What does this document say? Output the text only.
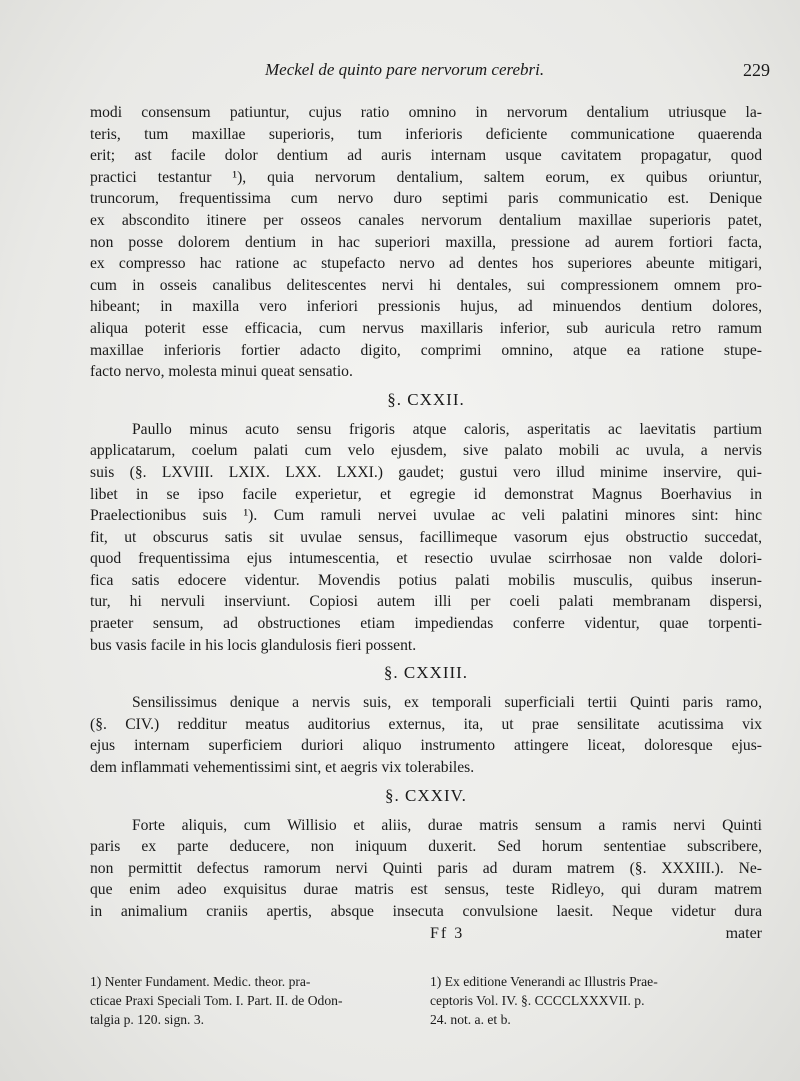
Meckel de quinto pare nervorum cerebri.	229
modi consensum patiuntur, cujus ratio omnino in nervorum dentalium utriusque la-
teris, tum maxillae superioris, tum inferioris deficiente communicatione quaerenda
erit; ast facile dolor dentium ad auris internam usque cavitatem propagatur, quod
practici testantur ¹), quia nervorum dentalium, saltem eorum, ex quibus oriuntur,
truncorum, frequentissima cum nervo duro septimi paris communicatio est. Denique
ex abscondito itinere per osseos canales nervorum dentalium maxillae superioris patet,
non posse dolorem dentium in hac superiori maxilla, pressione ad aurem fortiori facta,
ex compresso hac ratione ac stupefacto nervo ad dentes hos superiores abeunte mitigari,
cum in osseis canalibus delitescentes nervi hi dentales, sui compressionem omnem pro-
hibeant; in maxilla vero inferiori pressionis hujus, ad minuendos dentium dolores,
aliqua poterit esse efficacia, cum nervus maxillaris inferior, sub auricula retro ramum
maxillae inferioris fortier adacto digito, comprimi omnino, atque ea ratione stupe-
facto nervo, molesta minui queat sensatio.
§. CXXII.
Paullo minus acuto sensu frigoris atque caloris, asperitatis ac laevitatis partium
applicatarum, coelum palati cum velo ejusdem, sive palato mobili ac uvula, a nervis
suis (§. LXVIII. LXIX. LXX. LXXI.) gaudet; gustui vero illud minime inservire, qui-
libet in se ipso facile experietur, et egregie id demonstrat Magnus Boerhavius in
Praelectionibus suis ¹). Cum ramuli nervei uvulae ac veli palatini minores sint: hinc
fit, ut obscurus satis sit uvulae sensus, facillimeque vasorum ejus obstructio succedat,
quod frequentissima ejus intumescentia, et resectio uvulae scirrhosae non valde dolori-
fica satis edocere videntur. Movendis potius palati mobilis musculis, quibus inserun-
tur, hi nervuli inserviunt. Copiosi autem illi per coeli palati membranam dispersi,
praeter sensum, ad obstructiones etiam impediendas conferre videntur, quae torpenti-
bus vasis facile in his locis glandulosis fieri possent.
§. CXXIII.
Sensilissimus denique a nervis suis, ex temporali superficiali tertii Quinti paris ramo,
(§. CIV.) redditur meatus auditorius externus, ita, ut prae sensilitate acutissima vix
ejus internam superficiem duriori aliquo instrumento attingere liceat, doloresque ejus-
dem inflammati vehementissimi sint, et aegris vix tolerabiles.
§. CXXIV.
Forte aliquis, cum Willisio et aliis, durae matris sensum a ramis nervi Quinti
paris ex parte deducere, non iniquum duxerit. Sed horum sententiae subscribere,
non permittit defectus ramorum nervi Quinti paris ad duram matrem (§. XXXIII.). Ne-
que enim adeo exquisitus durae matris est sensus, teste Ridleyo, qui duram matrem
in animalium craniis apertis, absque insecuta convulsione laesit. Neque videtur dura
Ff 3	mater
1) Nenter Fundament. Medic. theor. pra-
cticae Praxi Speciali Tom. I. Part. II. de Odon-
talgia p. 120. sign. 3.
1) Ex editione Venerandi ac Illustris Prae-
ceptoris Vol. IV. §. CCCCLXXXVII. p.
24. not. a. et b.
